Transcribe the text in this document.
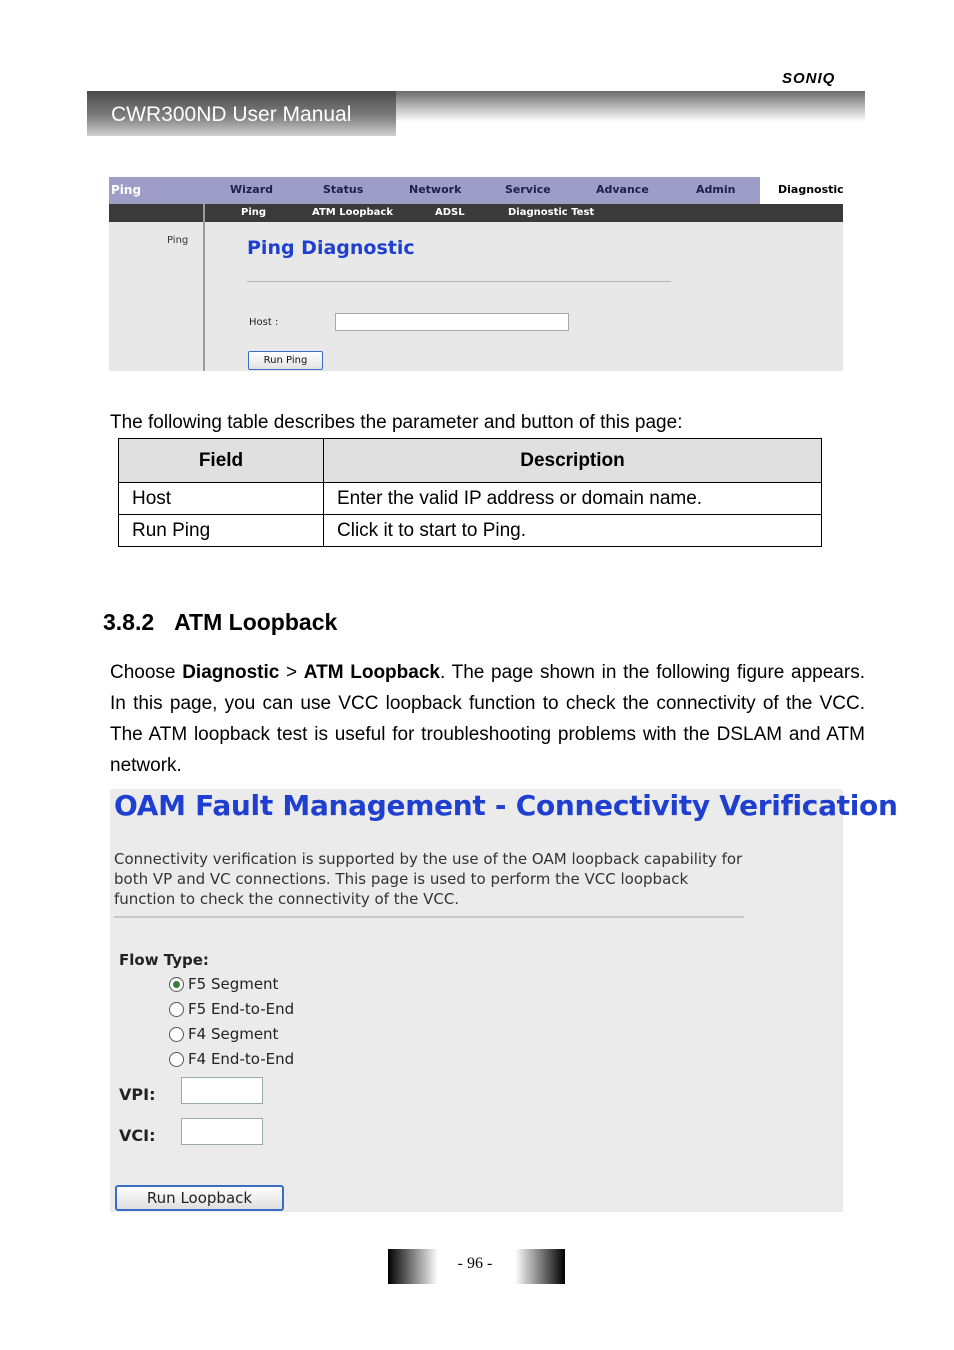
SONIQ
CWR300ND User Manual
Ping	Wizard	Status	Network	Service	Advance	Admin	Diagnostic
Ping	ATM Loopback	ADSL	Diagnostic Test
Ping	Ping Diagnostic
Host :
Run Ping
The following table describes the parameter and button of this page:
Field	Description
Host	Enter the valid IP address or domain name.
Run Ping	Click it to start to Ping.
3.8.2 ATM Loopback
Choose Diagnostic > ATM Loopback. The page shown in the following figure appears. In this page, you can use VCC loopback function to check the connectivity of the VCC. The ATM loopback test is useful for troubleshooting problems with the DSLAM and ATM network.
OAM Fault Management - Connectivity Verification
Connectivity verification is supported by the use of the OAM loopback capability for both VP and VC connections. This page is used to perform the VCC loopback function to check the connectivity of the VCC.
Flow Type:
F5 Segment
F5 End-to-End
F4 Segment
F4 End-to-End
VPI:
VCI:
Run Loopback
- 96 -
